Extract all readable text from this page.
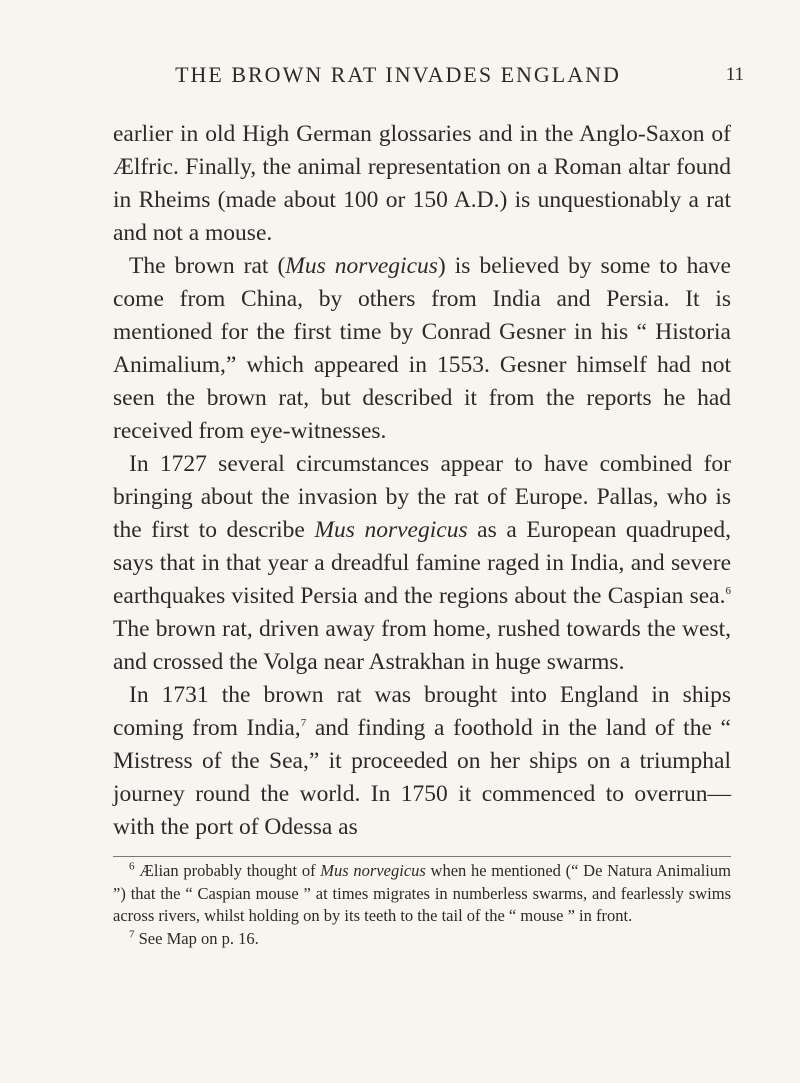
THE BROWN RAT INVADES ENGLAND	11

earlier in old High German glossaries and in the Anglo-Saxon of Ælfric. Finally, the animal representation on a Roman altar found in Rheims (made about 100 or 150 A.D.) is unquestionably a rat and not a mouse.

The brown rat (Mus norvegicus) is believed by some to have come from China, by others from India and Persia. It is mentioned for the first time by Conrad Gesner in his “ Historia Animalium,” which appeared in 1553. Gesner himself had not seen the brown rat, but described it from the reports he had received from eye-witnesses.

In 1727 several circumstances appear to have combined for bringing about the invasion by the rat of Europe. Pallas, who is the first to describe Mus norvegicus as a European quadruped, says that in that year a dreadful famine raged in India, and severe earthquakes visited Persia and the regions about the Caspian sea.$^6$ The brown rat, driven away from home, rushed towards the west, and crossed the Volga near Astrakhan in huge swarms.

In 1731 the brown rat was brought into England in ships coming from India,$^7$ and finding a foothold in the land of the “ Mistress of the Sea,” it proceeded on her ships on a triumphal journey round the world. In 1750 it commenced to overrun—with the port of Odessa as

$^6$ Ælian probably thought of Mus norvegicus when he mentioned (“ De Natura Animalium ”) that the “ Caspian mouse ” at times migrates in numberless swarms, and fearlessly swims across rivers, whilst holding on by its teeth to the tail of the “ mouse ” in front.

$^7$ See Map on p. 16.
